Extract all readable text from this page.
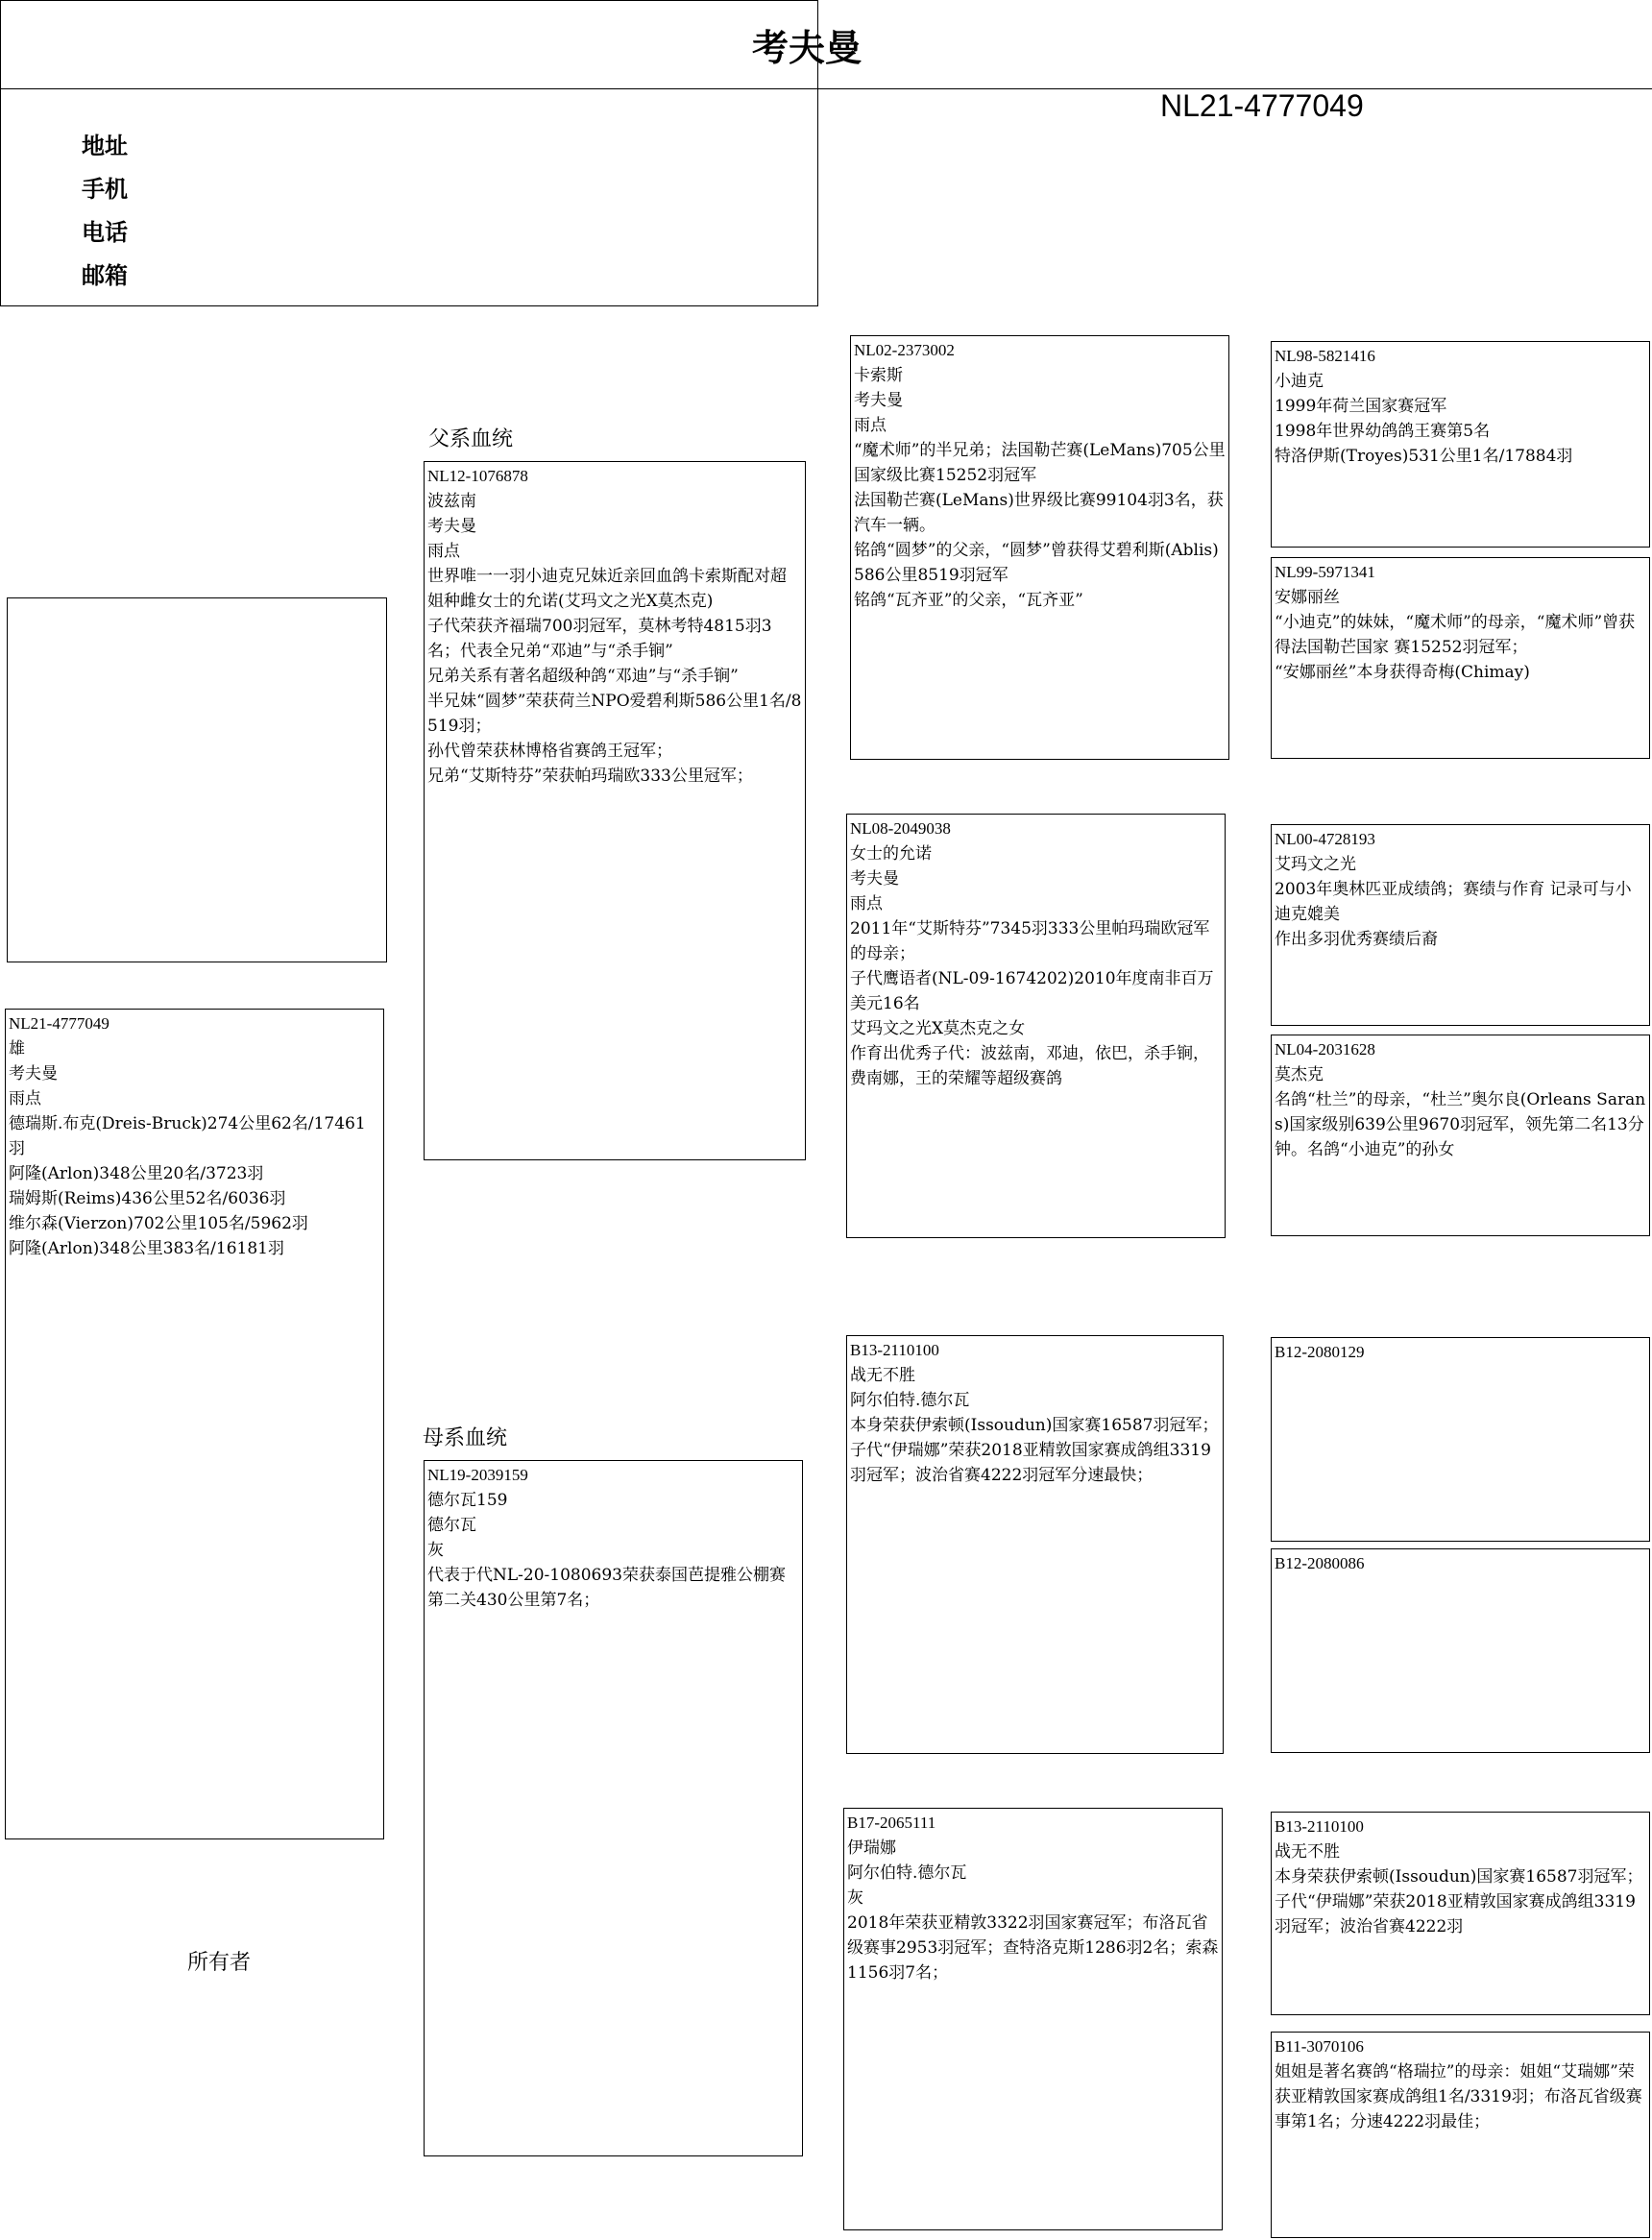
考夫曼
地址
手机
电话
邮箱
NL21-4777049
父系血统
母系血统
所有者
NL21-4777049
雄
考夫曼
雨点
德瑞斯.布克(Dreis-Bruck)274公里62名/17461羽
阿隆(Arlon)348公里20名/3723羽
瑞姆斯(Reims)436公里52名/6036羽
维尔森(Vierzon)702公里105名/5962羽
阿隆(Arlon)348公里383名/16181羽
NL12-1076878
波兹南
考夫曼
雨点
世界唯一一羽小迪克兄妹近亲回血鸽卡索斯配对超姐种雌女士的允诺(艾玛文之光X莫杰克)
子代荣获齐福瑞700羽冠军，莫林考特4815羽3名；代表全兄弟“邓迪”与“杀手锏”
兄弟关系有著名超级种鸽“邓迪”与“杀手锏”
半兄妹“圆梦”荣获荷兰NPO爱碧利斯586公里1名/8519羽；
孙代曾荣获林博格省赛鸽王冠军；
兄弟“艾斯特芬”荣获帕玛瑞欧333公里冠军；
NL19-2039159
德尔瓦159
德尔瓦
灰
代表于代NL-20-1080693荣获泰国芭提雅公棚赛第二关430公里第7名；
NL02-2373002
卡索斯
考夫曼
雨点
“魔术师”的半兄弟；法国勒芒赛(LeMans)705公里国家级比赛15252羽冠军
法国勒芒赛(LeMans)世界级比赛99104羽3名，获汽车一辆。
铭鸽“圆梦”的父亲，“圆梦”曾获得艾碧利斯(Ablis)586公里8519羽冠军
铭鸽“瓦齐亚”的父亲，“瓦齐亚”
NL08-2049038
女士的允诺
考夫曼
雨点
2011年“艾斯特芬”7345羽333公里帕玛瑞欧冠军的母亲；
子代鹰语者(NL-09-1674202)2010年度南非百万美元16名
艾玛文之光X莫杰克之女
作育出优秀子代：波兹南，邓迪，依巴，杀手锏，费南娜，王的荣耀等超级赛鸽
B13-2110100
战无不胜
阿尔伯特.德尔瓦
本身荣获伊索顿(Issoudun)国家赛16587羽冠军；
子代“伊瑞娜”荣获2018亚精敦国家赛成鸽组3319羽冠军；波治省赛4222羽冠军分速最快；
B17-2065111
伊瑞娜
阿尔伯特.德尔瓦
灰
2018年荣获亚精敦3322羽国家赛冠军；布洛瓦省级赛事2953羽冠军；查特洛克斯1286羽2名；索森1156羽7名；
NL98-5821416
小迪克
1999年荷兰国家赛冠军
1998年世界幼鸽鸽王赛第5名
特洛伊斯(Troyes)531公里1名/17884羽
NL99-5971341
安娜丽丝
“小迪克”的妹妹，“魔术师”的母亲，“魔术师”曾获得法国勒芒国家 赛15252羽冠军；
“安娜丽丝”本身获得奇梅(Chimay)
NL00-4728193
艾玛文之光
2003年奥林匹亚成绩鸽；赛绩与作育 记录可与小迪克媲美
作出多羽优秀赛绩后裔
NL04-2031628
莫杰克
名鸽“杜兰”的母亲，“杜兰”奥尔良(Orleans Sarans)国家级别639公里9670羽冠军，领先第二名13分钟。名鸽“小迪克”的孙女
B12-2080129
B12-2080086
B13-2110100
战无不胜
本身荣获伊索顿(Issoudun)国家赛16587羽冠军；
子代“伊瑞娜”荣获2018亚精敦国家赛成鸽组3319羽冠军；波治省赛4222羽
B11-3070106
姐姐是著名赛鸽“格瑞拉”的母亲：姐姐“艾瑞娜”荣获亚精敦国家赛成鸽组1名/3319羽；布洛瓦省级赛事第1名；分速4222羽最佳；
